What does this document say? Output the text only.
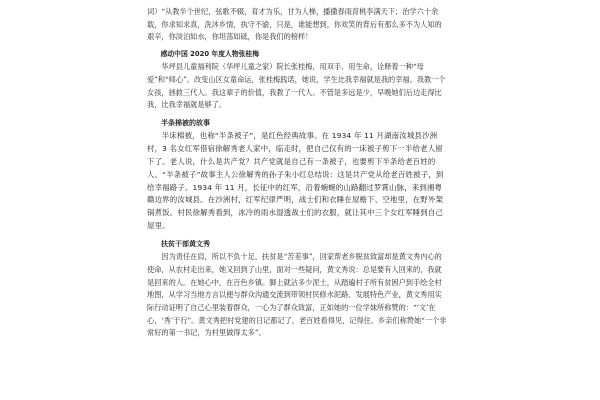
词）“从教半个世纪，弦歌不辍，育才为乐，甘为人梯，播撒春雨育桃李满天下；治学六十余载，你求知求真，洗沐乡情，执守不渝，只是，谁能想到，你欢笑的背后有那么多不为人知的艰辛，你淡泊如水，你坦荡如砥，你是我们的榜样！

感动中国 2020 年度人物张桂梅

华坪县儿童福利院（华坪儿童之家）院长张桂梅，用双手、用生命，诠释着一种“母爱”和“师心”。改变山区女童命运，张桂梅践诺，她说，学生比我幸福就是我的幸福。我教一个女孩，拯救三代人。我这辈子的价值，我教了一代人。不管是多远是少，早晚她们后边走得比我，比我幸福就是够了。

半条棉被的故事

半床棉被，也称“半条被子”，是红色经典故事。在 1934 年 11 月湖南汝城县沙洲村，3 名女红军借宿徐解秀老人家中，临走时，把自己仅有的一床被子剪下一半给老人留下了。老人说，什么是共产党？共产党就是自己有一条被子，也要剪下半条给老百姓的人。“半条被子”故事主人公徐解秀的孙子朱小红总结说：这是共产党从给老百姓被子，到给幸福路子。1934 年 11 月，长征中的红军，沿着蜿蜒的山路翻过罗霄山脉，来到湘粤赣边界的汝城县。在沙洲村，红军纪律严明，战士们和衣睡在屋檐下、空地里，在野外架锅煮饭。村民徐解秀看到，冰冷的雨水湿透战士们的衣服，就让其中三个女红军睡到自己屋里。

扶贫干部黄文秀

因为责任在肩，所以不负十足，扶贫是“苦差事”，回家帮老乡脱贫致富却是黄文秀内心的使命，从农村走出来，她又回到了山里，面对一些疑问，黄文秀说：总是要有人回来的，我就是回来的人。在她心中，在百色乡镇。脚上就沾多少泥土，从踏遍村子所有贫困户到手绘全村地图，从学习当地方言以便与群众沟通交流到带领村民修水泥路、发展特色产业，黄文秀用实际行动证明了自己心里装着群众，一心为了群众致富，正如她的一位学妹所称赞的：“‘文’在心，‘秀’于行”。黄文秀把村党建的日记都记了，老百姓看得见，记得住。乡亲们称赞她“一个非常好的第一书记，为村里做得太多”。
